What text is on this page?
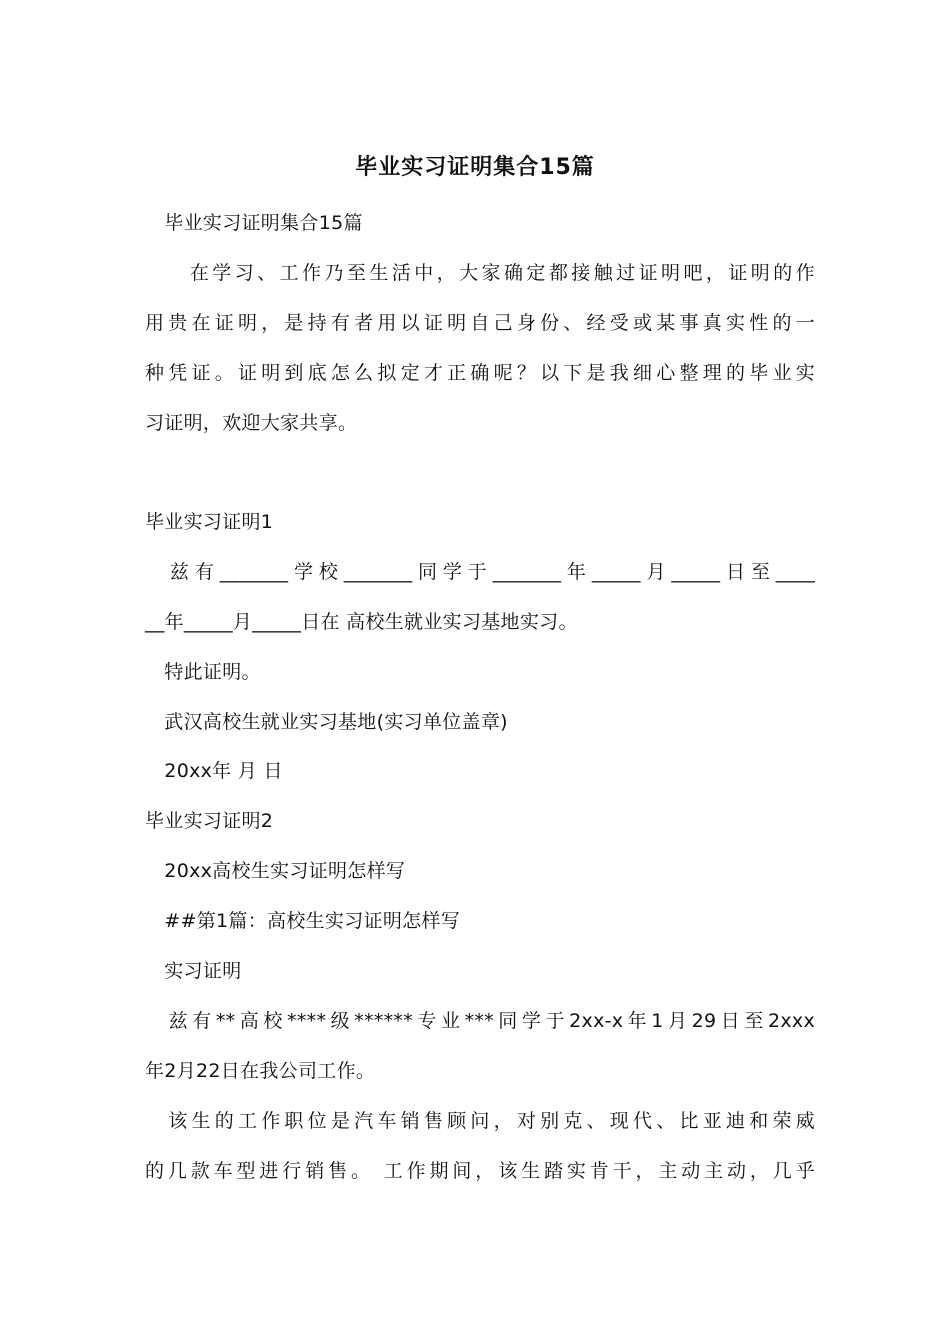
毕业实习证明集合15篇
　毕业实习证明集合15篇
　　在学习、工作乃至生活中，大家确定都接触过证明吧，证明的作
用贵在证明，是持有者用以证明自己身份、经受或某事真实性的一
种凭证。证明到底怎么拟定才正确呢？以下是我细心整理的毕业实
习证明，欢迎大家共享。
毕业实习证明1
　兹有_______学校_______同学于_______年_____月_____日至____
__年_____月_____日在 高校生就业实习基地实习。
　特此证明。
　武汉高校生就业实习基地(实习单位盖章)
　20xx年 月 日
毕业实习证明2
　20xx高校生实习证明怎样写
　##第1篇：高校生实习证明怎样写
　实习证明
　兹有**高校****级******专业***同学于2xx-x年1月29日至2xxx
年2月22日在我公司工作。
　该生的工作职位是汽车销售顾问，对别克、现代、比亚迪和荣威
的几款车型进行销售。 工作期间，该生踏实肯干，主动主动，几乎
